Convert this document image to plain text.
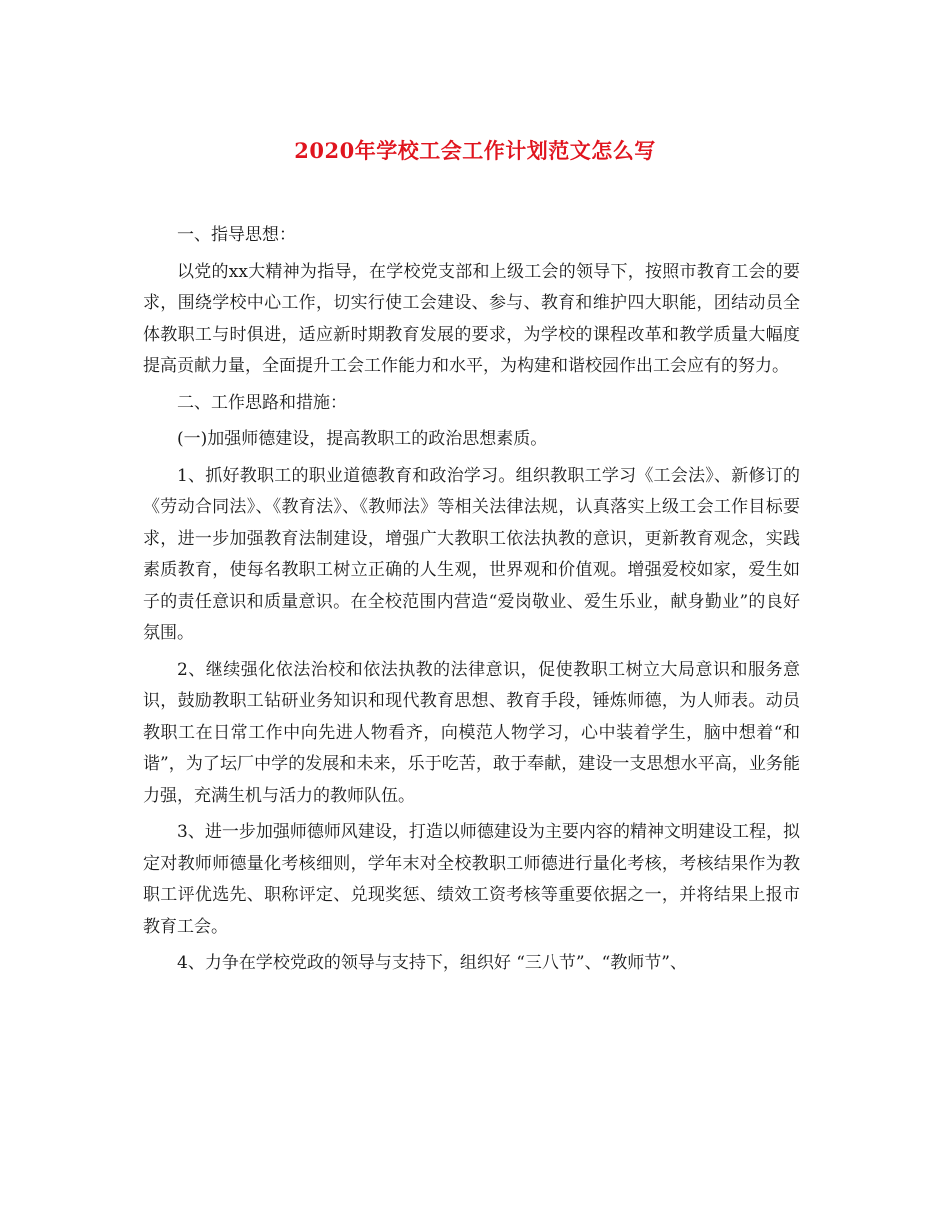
2020年学校工会工作计划范文怎么写

一、指导思想：

以党的xx大精神为指导，在学校党支部和上级工会的领导下，按照市教育工会的要求，围绕学校中心工作，切实行使工会建设、参与、教育和维护四大职能，团结动员全体教职工与时俱进，适应新时期教育发展的要求，为学校的课程改革和教学质量大幅度提高贡献力量，全面提升工会工作能力和水平，为构建和谐校园作出工会应有的努力。

二、工作思路和措施：

(一)加强师德建设，提高教职工的政治思想素质。

1、抓好教职工的职业道德教育和政治学习。组织教职工学习《工会法》、新修订的《劳动合同法》、《教育法》、《教师法》等相关法律法规，认真落实上级工会工作目标要求，进一步加强教育法制建设，增强广大教职工依法执教的意识，更新教育观念，实践素质教育，使每名教职工树立正确的人生观，世界观和价值观。增强爱校如家，爱生如子的责任意识和质量意识。在全校范围内营造“爱岗敬业、爱生乐业，献身勤业”的良好氛围。

2、继续强化依法治校和依法执教的法律意识，促使教职工树立大局意识和服务意识，鼓励教职工钻研业务知识和现代教育思想、教育手段，锤炼师德，为人师表。动员教职工在日常工作中向先进人物看齐，向模范人物学习，心中装着学生，脑中想着“和谐”，为了坛厂中学的发展和未来，乐于吃苦，敢于奉献，建设一支思想水平高，业务能力强，充满生机与活力的教师队伍。

3、进一步加强师德师风建设，打造以师德建设为主要内容的精神文明建设工程，拟定对教师师德量化考核细则，学年末对全校教职工师德进行量化考核，考核结果作为教职工评优选先、职称评定、兑现奖惩、绩效工资考核等重要依据之一，并将结果上报市教育工会。

4、力争在学校党政的领导与支持下，组织好 “三八节”、“教师节”、
